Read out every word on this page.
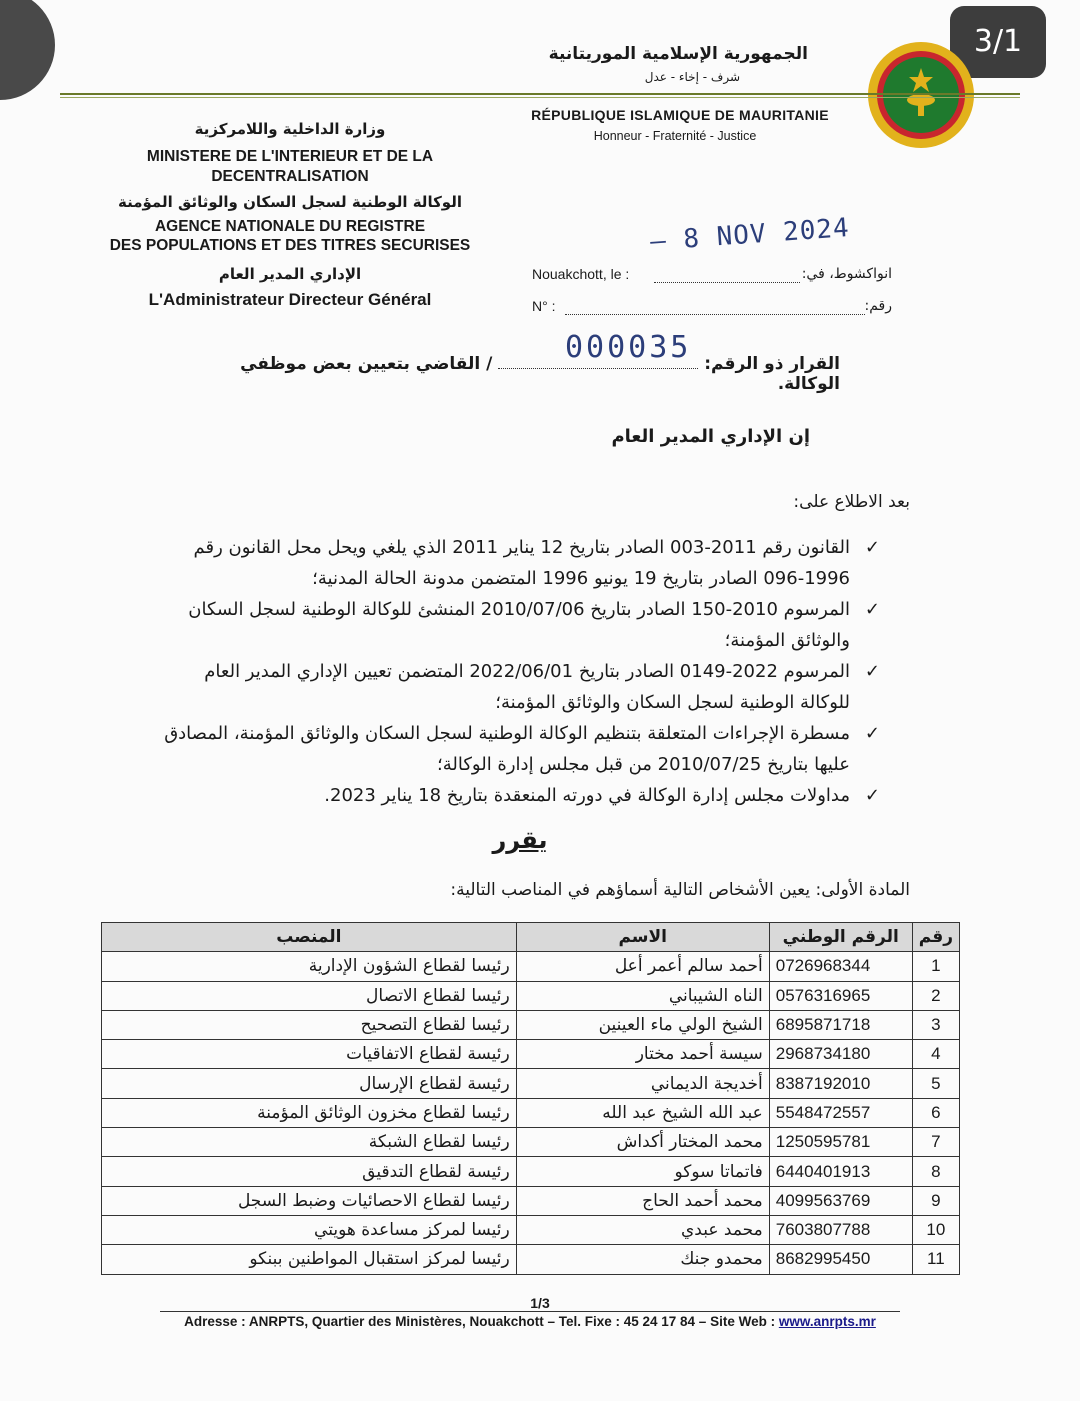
3/1
الجمهورية الإسلامية الموريتانية
شرف - إخاء - عدل
RÉPUBLIQUE ISLAMIQUE DE MAURITANIE
Honneur - Fraternité - Justice
وزارة الداخلية واللامركزية
MINISTERE DE L'INTERIEUR ET DE LA
DECENTRALISATION
الوكالة الوطنية لسجل السكان والوثائق المؤمنة
AGENCE NATIONALE DU REGISTRE
DES POPULATIONS ET DES TITRES SECURISES
الإداري المدير العام
L'Administrateur Directeur Général
– 8 NOV 2024
Nouakchott, le :	انواكشوط، في:
N° :	رقم:
000035 القرار ذو الرقم:  / القاضي بتعيين بعض موظفي الوكالة.
إن الإداري المدير العام
بعد الاطلاع على:
✓
القانون رقم 2011-003 الصادر بتاريخ 12 يناير 2011 الذي يلغي ويحل محل القانون رقم 1996-096 الصادر بتاريخ 19 يونيو 1996 المتضمن مدونة الحالة المدنية؛
✓
المرسوم 2010-150 الصادر بتاريخ 2010/07/06 المنشئ للوكالة الوطنية لسجل السكان والوثائق المؤمنة؛
✓
المرسوم 2022-0149 الصادر بتاريخ 2022/06/01 المتضمن تعيين الإداري المدير العام للوكالة الوطنية لسجل السكان والوثائق المؤمنة؛
✓
مسطرة الإجراءات المتعلقة بتنظيم الوكالة الوطنية لسجل السكان والوثائق المؤمنة، المصادق عليها بتاريخ 2010/07/25 من قبل مجلس إدارة الوكالة؛
✓
مداولات مجلس إدارة الوكالة في دورته المنعقدة بتاريخ 18 يناير 2023.
يقرر
المادة الأولى: يعين الأشخاص التالية أسماؤهم في المناصب التالية:
رقم	الرقم الوطني	الاسم	المنصب
1	0726968344	أحمد سالم أعمر أعل	رئيسا لقطاع الشؤون الإدارية
2	0576316965	الناه الشيباني	رئيسا لقطاع الاتصال
3	6895871718	الشيخ الولي ماء العينين	رئيسا لقطاع التصحيح
4	2968734180	سيسة أحمد مختار	رئيسة لقطاع الاتفاقيات
5	8387192010	أخديجة الديماني	رئيسة لقطاع الإرسال
6	5548472557	عبد الله الشيخ عبد الله	رئيسا لقطاع مخزون الوثائق المؤمنة
7	1250595781	محمد المختار أكداش	رئيسا لقطاع الشبكة
8	6440401913	فاتماتا سوكو	رئيسة لقطاع التدقيق
9	4099563769	محمد أحمد الحاج	رئيسا لقطاع الاحصائيات وضبط السجل
10	7603807788	محمد عبدي	رئيسا لمركز مساعدة هويتي
11	8682995450	محمدو جنك	رئيسا لمركز استقبال المواطنين ببنكو
1/3
Adresse : ANRPTS, Quartier des Ministères, Nouakchott – Tel. Fixe : 45 24 17 84 – Site Web : www.anrpts.mr
